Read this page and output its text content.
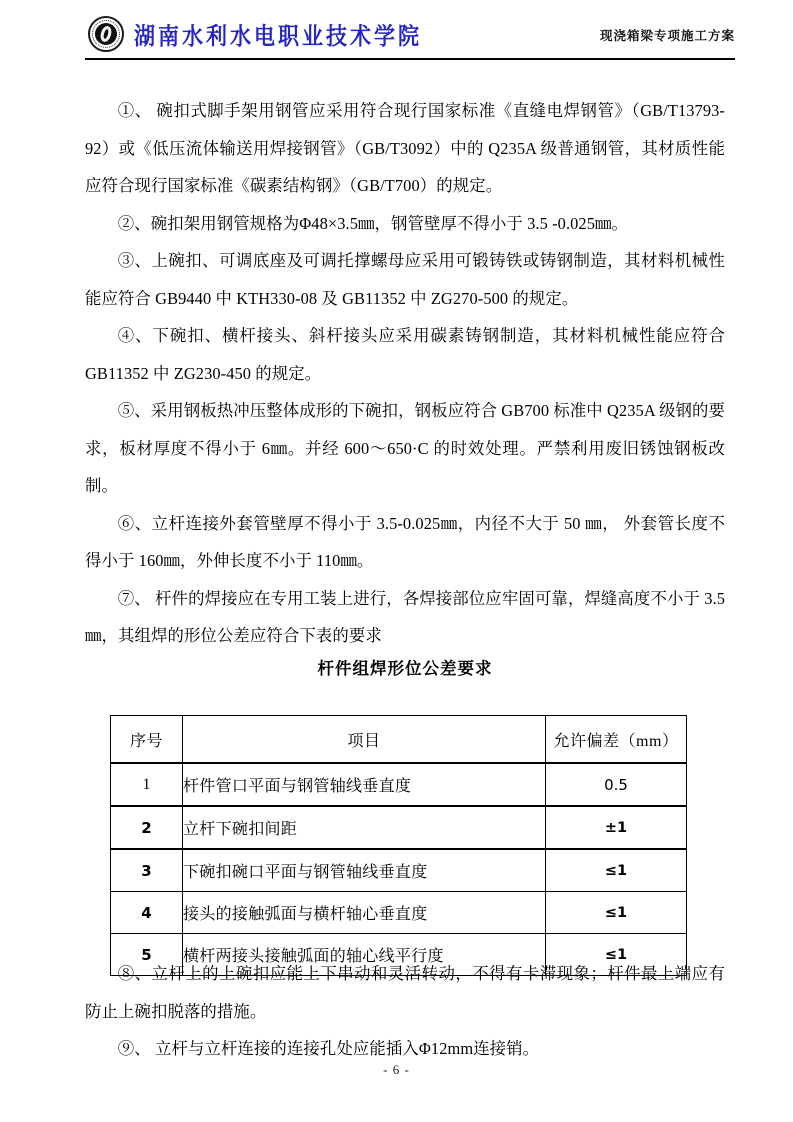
湖南水利水电职业技术学院	现浇箱梁专项施工方案

①、 碗扣式脚手架用钢管应采用符合现行国家标准《直缝电焊钢管》（GB/T13793-92）或《低压流体输送用焊接钢管》（GB/T3092）中的 Q235A 级普通钢管，其材质性能应符合现行国家标准《碳素结构钢》（GB/T700）的规定。

②、碗扣架用钢管规格为Φ48×3.5㎜，钢管壁厚不得小于 3.5 -0.025㎜。

③、上碗扣、可调底座及可调托撑螺母应采用可锻铸铁或铸钢制造，其材料机械性能应符合 GB9440 中 KTH330-08 及 GB11352 中 ZG270-500 的规定。

④、下碗扣、横杆接头、斜杆接头应采用碳素铸钢制造，其材料机械性能应符合 GB11352 中 ZG230-450 的规定。

⑤、采用钢板热冲压整体成形的下碗扣，钢板应符合 GB700 标准中 Q235A 级钢的要求，板材厚度不得小于 6㎜。并经 600～650·C 的时效处理。严禁利用废旧锈蚀钢板改制。

⑥、立杆连接外套管壁厚不得小于 3.5-0.025㎜，内径不大于 50 ㎜， 外套管长度不得小于 160㎜，外伸长度不小于 110㎜。

⑦、 杆件的焊接应在专用工装上进行，各焊接部位应牢固可靠，焊缝高度不小于 3.5㎜，其组焊的形位公差应符合下表的要求

杆件组焊形位公差要求
序号	项目	允许偏差（mm）
1	杆件管口平面与钢管轴线垂直度	0.5
2	立杆下碗扣间距	±1
3	下碗扣碗口平面与钢管轴线垂直度	≤1
4	接头的接触弧面与横杆轴心垂直度	≤1
5	横杆两接头接触弧面的轴心线平行度	≤1

⑧、立杆上的上碗扣应能上下串动和灵活转动，不得有卡滞现象；杆件最上端应有防止上碗扣脱落的措施。

⑨、 立杆与立杆连接的连接孔处应能插入Φ12mm连接销。

- 6 -
